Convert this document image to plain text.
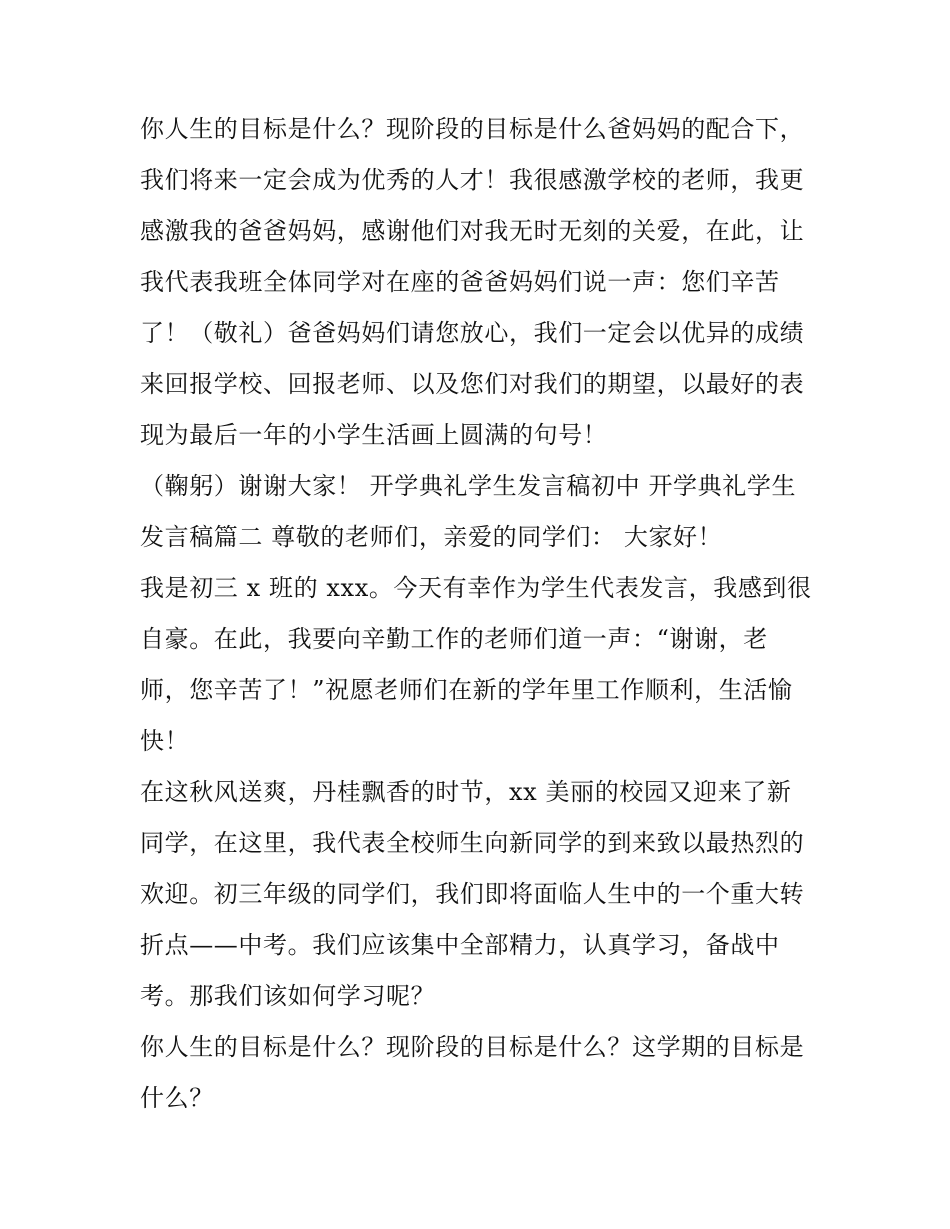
你人生的目标是什么？现阶段的目标是什么爸妈妈的配合下，
我们将来一定会成为优秀的人才！我很感激学校的老师，我更
感激我的爸爸妈妈，感谢他们对我无时无刻的关爱，在此，让
我代表我班全体同学对在座的爸爸妈妈们说一声：您们辛苦
了！（敬礼）爸爸妈妈们请您放心，我们一定会以优异的成绩
来回报学校、回报老师、以及您们对我们的期望，以最好的表
现为最后一年的小学生活画上圆满的句号！
（鞠躬）谢谢大家！ 开学典礼学生发言稿初中 开学典礼学生
发言稿篇二 尊敬的老师们，亲爱的同学们： 大家好！
我是初三 x 班的 xxx。今天有幸作为学生代表发言，我感到很
自豪。在此，我要向辛勤工作的老师们道一声：“谢谢，老
师，您辛苦了！”祝愿老师们在新的学年里工作顺利，生活愉
快！
在这秋风送爽，丹桂飘香的时节，xx 美丽的校园又迎来了新
同学，在这里，我代表全校师生向新同学的到来致以最热烈的
欢迎。初三年级的同学们，我们即将面临人生中的一个重大转
折点——中考。我们应该集中全部精力，认真学习，备战中
考。那我们该如何学习呢？
你人生的目标是什么？现阶段的目标是什么？这学期的目标是
什么？
